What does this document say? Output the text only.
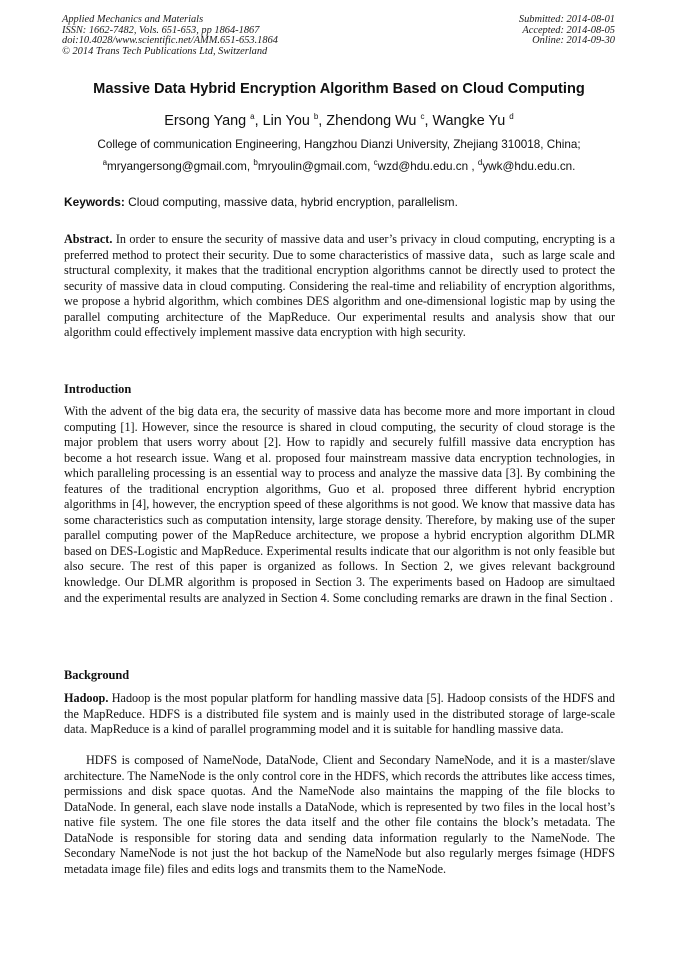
Applied Mechanics and Materials
ISSN: 1662-7482, Vols. 651-653, pp 1864-1867
doi:10.4028/www.scientific.net/AMM.651-653.1864
© 2014 Trans Tech Publications Ltd, Switzerland
Submitted: 2014-08-01
Accepted: 2014-08-05
Online: 2014-09-30
Massive Data Hybrid Encryption Algorithm Based on Cloud Computing
Ersong Yang $^a$, Lin You $^b$, Zhendong Wu $^c$, Wangke Yu $^d$
College of communication Engineering, Hangzhou Dianzi University, Zhejiang 310018, China;
$^a$mryangersong@gmail.com, $^b$mryoulin@gmail.com, $^c$wzd@hdu.edu.cn , $^d$ywk@hdu.edu.cn.
Keywords: Cloud computing, massive data, hybrid encryption, parallelism.
Abstract. In order to ensure the security of massive data and user’s privacy in cloud computing, encrypting is a preferred method to protect their security. Due to some characteristics of massive data，such as large scale and structural complexity, it makes that the traditional encryption algorithms cannot be directly used to protect the security of massive data in cloud computing. Considering the real-time and reliability of encryption algorithms, we propose a hybrid algorithm, which combines DES algorithm and one-dimensional logistic map by using the parallel computing architecture of the MapReduce. Our experimental results and analysis show that our algorithm could effectively implement massive data encryption with high security.
Introduction
With the advent of the big data era, the security of massive data has become more and more important in cloud computing [1]. However, since the resource is shared in cloud computing, the security of cloud storage is the major problem that users worry about [2]. How to rapidly and securely fulfill massive data encryption has become a hot research issue. Wang et al. proposed four mainstream massive data encryption technologies, in which paralleling processing is an essential way to process and analyze the massive data [3]. By combining the features of the traditional encryption algorithms, Guo et al. proposed three different hybrid encryption algorithms in [4], however, the encryption speed of these algorithms is not good. We know that massive data has some characteristics such as computation intensity, large storage density. Therefore, by making use of the super parallel computing power of the MapReduce architecture, we propose a hybrid encryption algorithm DLMR based on DES-Logistic and MapReduce. Experimental results indicate that our algorithm is not only feasible but also secure. The rest of this paper is organized as follows. In Section 2, we gives relevant background knowledge. Our DLMR algorithm is proposed in Section 3. The experiments based on Hadoop are simultaed and the experimental results are analyzed in Section 4. Some concluding remarks are drawn in the final Section .
Background
Hadoop. Hadoop is the most popular platform for handling massive data [5]. Hadoop consists of the HDFS and the MapReduce. HDFS is a distributed file system and is mainly used in the distributed storage of large-scale data. MapReduce is a kind of parallel programming model and it is suitable for handling massive data.
HDFS is composed of NameNode, DataNode, Client and Secondary NameNode, and it is a master/slave architecture. The NameNode is the only control core in the HDFS, which records the attributes like access times, permissions and disk space quotas. And the NameNode also maintains the mapping of the file blocks to DataNode. In general, each slave node installs a DataNode, which is represented by two files in the local host’s native file system. The one file stores the data itself and the other file contains the block’s metadata. The DataNode is responsible for storing data and sending data information regularly to the NameNode. The Secondary NameNode is not just the hot backup of the NameNode but also regularly merges fsimage (HDFS metadata image file) files and edits logs and transmits them to the NameNode.
